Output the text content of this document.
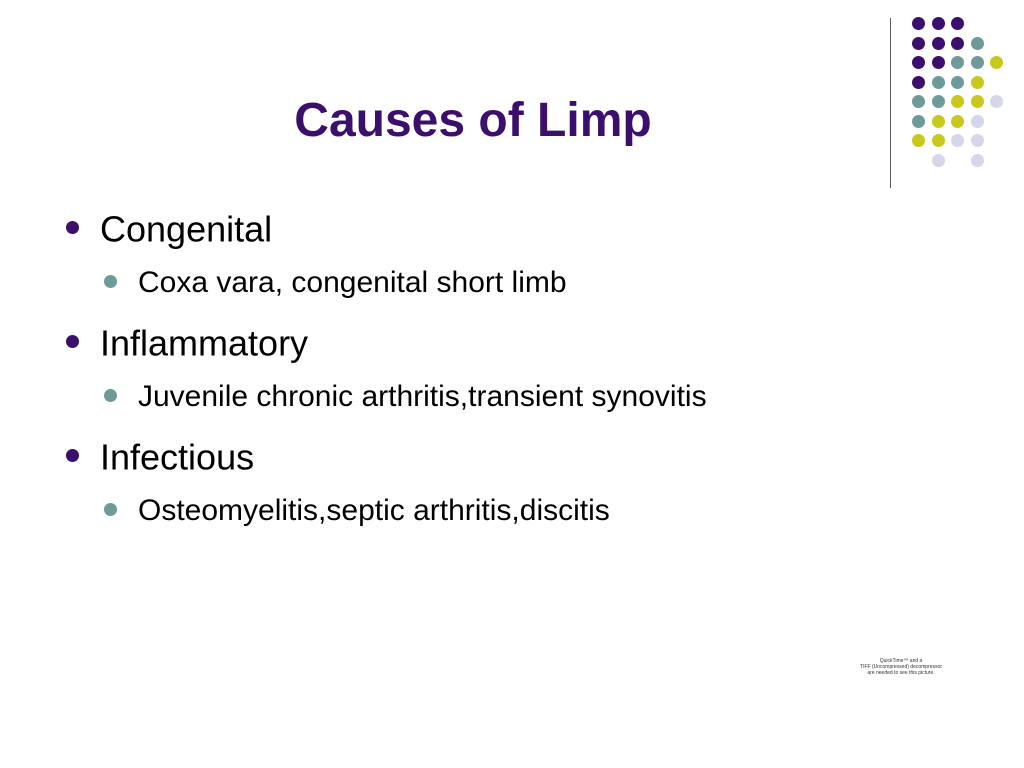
Causes of Limp
Congenital
Coxa vara, congenital short limb
Inflammatory
Juvenile chronic arthritis,transient synovitis
Infectious
Osteomyelitis,septic arthritis,discitis
QuickTime™ and a
TIFF (Uncompressed) decompressor
are needed to see this picture.
